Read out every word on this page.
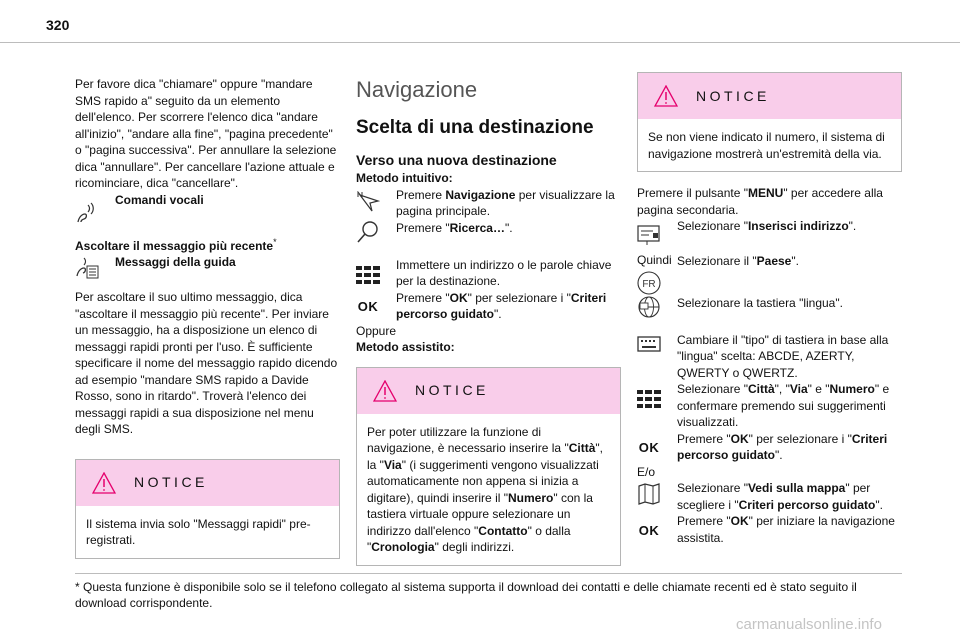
320

Per favore dica "chiamare" oppure "mandare SMS rapido a" seguito da un elemento dell'elenco. Per scorrere l'elenco dica "andare all'inizio", "andare alla fine", "pagina precedente" o "pagina successiva". Per annullare la selezione dica "annullare". Per cancellare l'azione attuale e ricominciare, dica "cancellare".

Comandi vocali

Ascoltare il messaggio più recente*

Messaggi della guida

Per ascoltare il suo ultimo messaggio, dica "ascoltare il messaggio più recente". Per inviare un messaggio, ha a disposizione un elenco di messaggi rapidi pronti per l'uso. È sufficiente specificare il nome del messaggio rapido dicendo ad esempio "mandare SMS rapido a Davide Rosso, sono in ritardo". Troverà l'elenco dei messaggi rapidi a sua disposizione nel menu degli SMS.

NOTICE
Il sistema invia solo "Messaggi rapidi" pre-registrati.
Navigazione
Scelta di una destinazione
Verso una nuova destinazione

Metodo intuitivo:

Premere Navigazione per visualizzare la pagina principale.

Premere "Ricerca…".

Immettere un indirizzo o le parole chiave per la destinazione.

OK

Premere "OK" per selezionare i "Criteri percorso guidato".

Oppure

Metodo assistito:

NOTICE
Per poter utilizzare la funzione di navigazione, è necessario inserire la "Città", la "Via" (i suggerimenti vengono visualizzati automaticamente non appena si inizia a digitare), quindi inserire il "Numero" con la tastiera virtuale oppure selezionare un indirizzo dall'elenco "Contatto" o dalla "Cronologia" degli indirizzi.
NOTICE
Se non viene indicato il numero, il sistema di navigazione mostrerà un'estremità della via.

Premere il pulsante "MENU" per accedere alla pagina secondaria.

Selezionare "Inserisci indirizzo".

Quindi Selezionare il "Paese".

FR

Selezionare la tastiera "lingua".

Cambiare il "tipo" di tastiera in base alla "lingua" scelta: ABCDE, AZERTY, QWERTY o QWERTZ.

Selezionare "Città", "Via" e "Numero" e confermare premendo sui suggerimenti visualizzati.

OK

Premere "OK" per selezionare i "Criteri percorso guidato".

E/o

Selezionare "Vedi sulla mappa" per scegliere i "Criteri percorso guidato".

OK

Premere "OK" per iniziare la navigazione assistita.

* Questa funzione è disponibile solo se il telefono collegato al sistema supporta il download dei contatti e delle chiamate recenti ed è stato seguito il download corrispondente.
carmanualsonline.info
